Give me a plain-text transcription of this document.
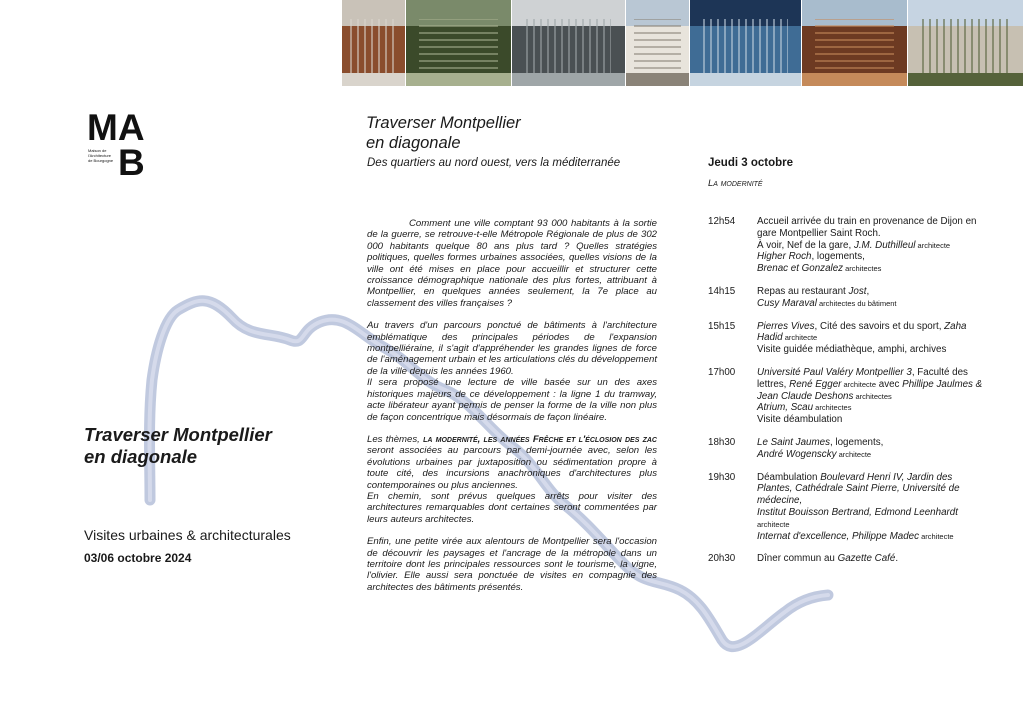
MA
B
Maison de
l'Architecture
de Bourgogne
Traverser Montpellier
en diagonale
Visites urbaines & architecturales
03/06 octobre 2024
Traverser Montpellier
en diagonale
Des quartiers au nord ouest, vers la méditerranée

Comment une ville comptant 93 000 habitants à la sortie de la guerre, se retrouve-t-elle Métropole Régionale de plus de 302 000 habitants quelque 80 ans plus tard ? Quelles stratégies politiques, quelles formes urbaines associées, quelles visions de la ville ont été mises en place pour accueillir et structurer cette croissance démographique nationale des plus fortes, attribuant à Montpellier, en quelques années seulement, la 7e place au classement des villes françaises ?

Au travers d'un parcours ponctué de bâtiments à l'architecture emblématique des principales périodes de l'expansion montpelliéraine, il s'agit d'appréhender les grandes lignes de force de l'aménagement urbain et les articulations clés du développement de la ville depuis les années 1960.

Il sera proposé une lecture de ville basée sur un des axes historiques majeurs de ce développement : la ligne 1 du tramway, acte libérateur ayant permis de penser la forme de la ville non plus de façon concentrique mais désormais de façon linéaire.

Les thèmes, la modernité, les années Frêche et l'éclosion des zac seront associées au parcours par demi-journée avec, selon les évolutions urbaines par juxtaposition ou sédimentation propre à toute cité, des incursions anachroniques d'architectures plus contemporaines ou plus anciennes.

En chemin, sont prévus quelques arrêts pour visiter des architectures remarquables dont certaines seront commentées par leurs auteurs architectes.

Enfin, une petite virée aux alentours de Montpellier sera l'occasion de découvrir les paysages et l'ancrage de la métropole dans un territoire dont les principales ressources sont le tourisme, la vigne, l'olivier. Elle aussi sera ponctuée de visites en compagnie des architectes des bâtiments présentés.

Jeudi 3 octobre
La modernité
12h54	Accueil arrivée du train en provenance de Dijon en gare Montpellier Saint Roch.
À voir, Nef de la gare, J.M. Duthilleul architecte
Higher Roch, logements,
Brenac et Gonzalez architectes
14h15	Repas au restaurant Jost,
Cusy Maraval architectes du bâtiment
15h15	Pierres Vives, Cité des savoirs et du sport, Zaha Hadid architecte
Visite guidée médiathèque, amphi, archives
17h00	Université Paul Valéry Montpellier 3, Faculté des lettres, René Egger architecte avec Phillipe Jaulmes & Jean Claude Deshons architectes
Atrium, Scau architectes
Visite déambulation
18h30	Le Saint Jaumes, logements,
André Wogenscky architecte
19h30	Déambulation Boulevard Henri IV, Jardin des Plantes, Cathédrale Saint Pierre, Université de médecine,
Institut Bouisson Bertrand, Edmond Leenhardt architecte
Internat d'excellence, Philippe Madec architecte
20h30	Dîner commun au Gazette Café.
